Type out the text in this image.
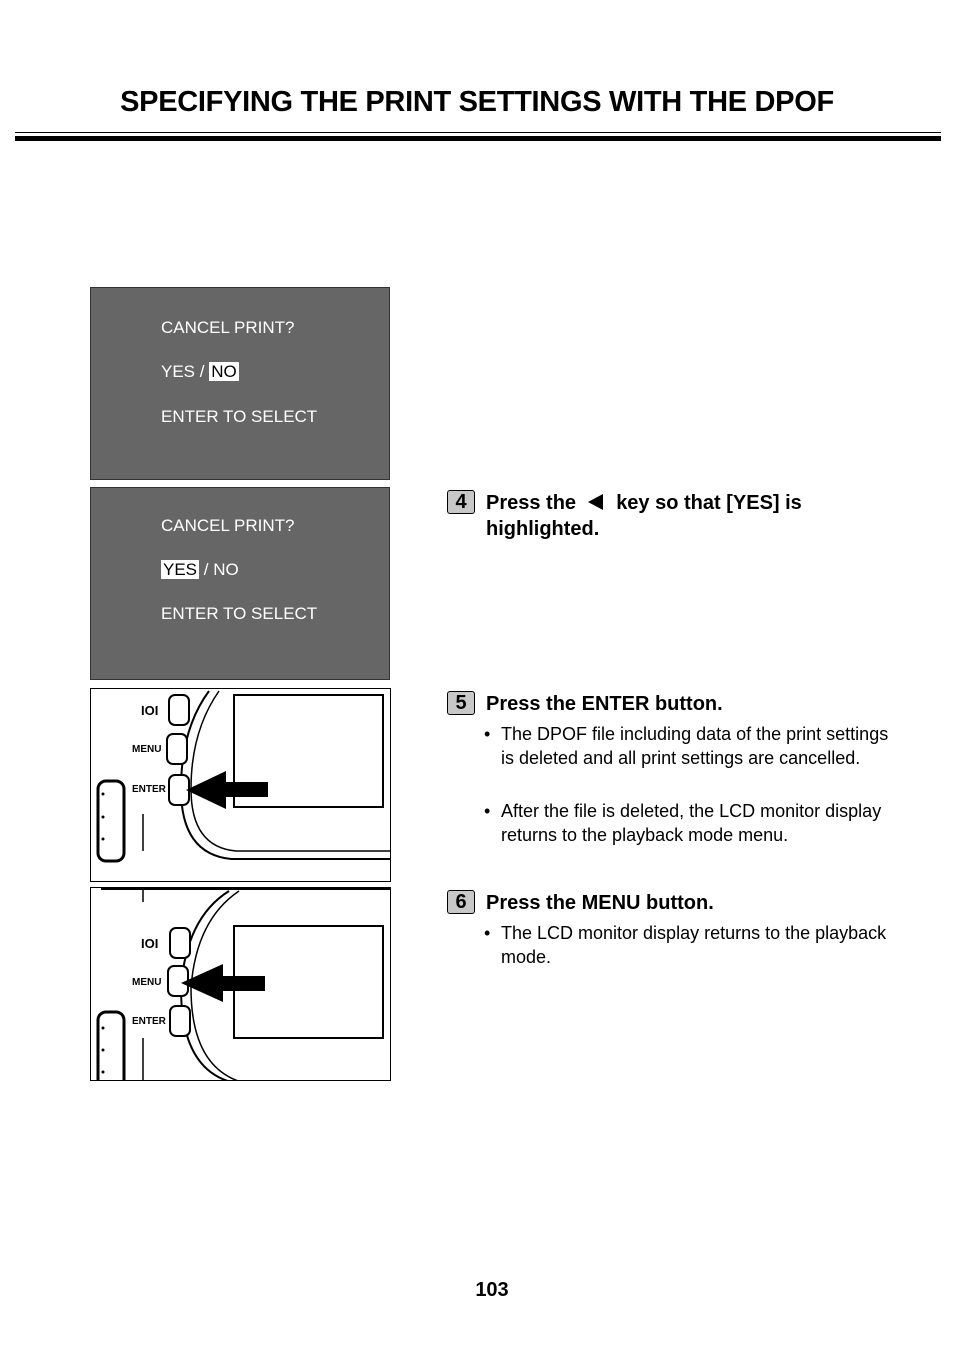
SPECIFYING THE PRINT SETTINGS WITH THE DPOF
CANCEL PRINT?
YES / NO
ENTER TO SELECT
CANCEL PRINT?
YES / NO
ENTER TO SELECT
IOI
MENU
ENTER
IOI
MENU
ENTER
4 Press the key so that [YES] is highlighted.
5 Press the ENTER button.
• The DPOF file including data of the print settings is deleted and all print settings are cancelled.
• After the file is deleted, the LCD monitor display returns to the playback mode menu.
6 Press the MENU button.
• The LCD monitor display returns to the playback mode.
103
